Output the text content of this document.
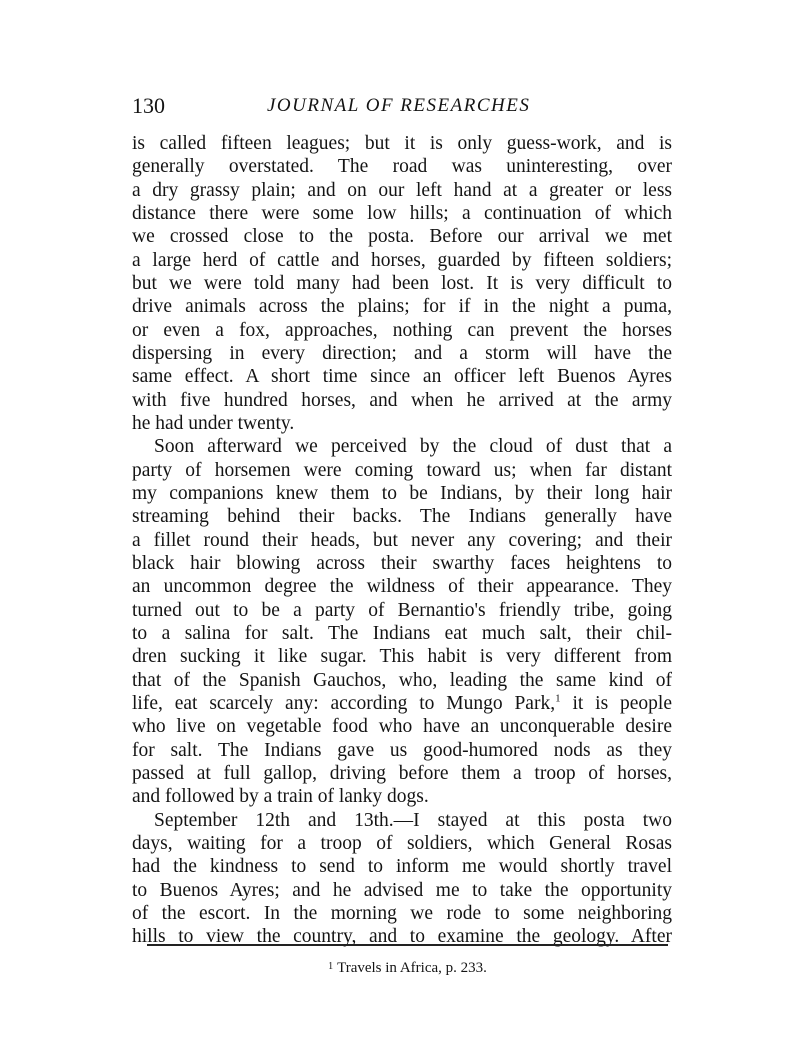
130	JOURNAL OF RESEARCHES
is called fifteen leagues; but it is only guess-work, and is
generally overstated. The road was uninteresting, over
a dry grassy plain; and on our left hand at a greater or less
distance there were some low hills; a continuation of which
we crossed close to the posta. Before our arrival we met
a large herd of cattle and horses, guarded by fifteen soldiers;
but we were told many had been lost. It is very difficult to
drive animals across the plains; for if in the night a puma,
or even a fox, approaches, nothing can prevent the horses
dispersing in every direction; and a storm will have the
same effect. A short time since an officer left Buenos Ayres
with five hundred horses, and when he arrived at the army
he had under twenty.
Soon afterward we perceived by the cloud of dust that a
party of horsemen were coming toward us; when far distant
my companions knew them to be Indians, by their long hair
streaming behind their backs. The Indians generally have
a fillet round their heads, but never any covering; and their
black hair blowing across their swarthy faces heightens to
an uncommon degree the wildness of their appearance. They
turned out to be a party of Bernantio's friendly tribe, going
to a salina for salt. The Indians eat much salt, their chil-
dren sucking it like sugar. This habit is very different from
that of the Spanish Gauchos, who, leading the same kind of
life, eat scarcely any: according to Mungo Park,$^1$ it is people
who live on vegetable food who have an unconquerable desire
for salt. The Indians gave us good-humored nods as they
passed at full gallop, driving before them a troop of horses,
and followed by a train of lanky dogs.
September 12th and 13th.—I stayed at this posta two
days, waiting for a troop of soldiers, which General Rosas
had the kindness to send to inform me would shortly travel
to Buenos Ayres; and he advised me to take the opportunity
of the escort. In the morning we rode to some neighboring
hills to view the country, and to examine the geology. After
$^1$ Travels in Africa, p. 233.
